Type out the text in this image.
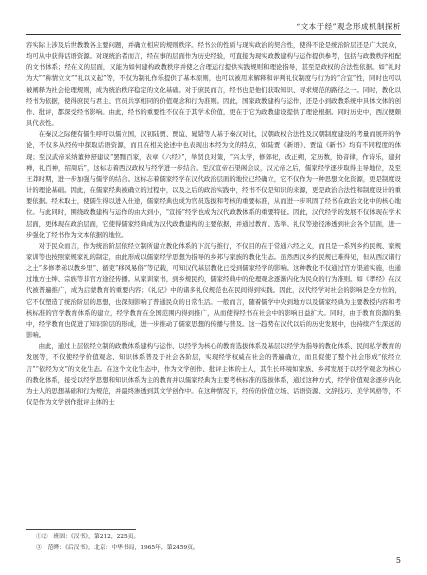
“文本于经”观念形成机制探析

容实际上涉及后世教教各主要问题，并确立相应的规则秩序。经书公的性质与现实政治的契合性，使得不论是统治阶层还是广大民众，均可从中获得话语资源。对现统治者而言，经在事的层面作为历史经验，可直接为现实政教建构与运作提供参考，包括与政教秩序相配的文书体系；经在义的层面，又能为如何建构政教秩序并使之合理运行提供实践规则和理论指导，甚至是政权的合法性依据。如“礼时为大”“称情立文”“礼以义起”等，不仅为制礼作乐提供了基本原则，也可以被用来解释和评判礼仪制度与行为的“合宜”性，同时也可以被阐释为社会伦理规则，成为统治秩序稳定的文化基础。对于庶民而言，经书也是他们获取知识、寻求规范的路径之一。同时，教化以经书为依据，使得庶民与君主、官员共享相同的价值观念和行为准则。因此，国家政教建构与运作，还是小到政教系统中具体文体的创作、批评，都深受经书影响。由此，经书的重要性不仅在于其学术价值，更在于它为政教建设提供了理论根据。同时历史中，西汉便颇具代表性。

在秦汉之际便有儒生呼吁以儒立国，汉初陆贾、贾谊、晁错等人基于秦汉对比，汉朝政权合法性及汉朝制度建设的考量而展开的争论，不仅多从经传中探取话语资源，而且在相关论述中也表现出本经为文的特点，如陆贾《新语》、贾谊《新书》均有不同程度的体现；至汉武帝采纳董仲舒建议“罢黜百家，表章《六经》”，举贤良对策，“兴太学，修郊祀，改正朔，定历数，协音律，作诗乐，建封禅，礼百神，绍周后”，这标志着西汉政权与经学进一步结合。至汉宣帝石渠阁会议，汉元帝之后，儒家经学逐步取得主导地位，及至王莽时期，进一步加强与儒学的结合。这标志着儒家经学在汉代政治层面的地位已经确立，它不仅作为一种思想文化资源，更是制度设计的理论基础。因此，在儒家经典被确立的过程中，以及之后的政治实践中，经书不仅是知识的来源，更是政治合法性和制度设计的重要依据。经术取士，使儒生得以进入仕途，儒家经典也成为官员选拔和考核的重要标准，从而进一步巩固了经书在政治文化中的核心地位。与此同时，围绕政教建构与运作的由大到小，“宣扬”经学也成为汉代政教体系的重要特征。因此，汉代经学的发展不仅体现在学术层面，更体现在政治层面，它使得儒家经典成为汉代政教建构的主要依据，并通过教育、选举、礼仪等途径渗透到社会各个层面，进一步强化了经书作为文本依据的地位。

对于民众而言，作为统治阶层依经立制所建立教化体系的下沉与推行，不仅目的在于常通六经之义，而且是一系列乡约民规、家规家训等也按照家规家礼的制定，由此形成以儒家经学思想为指导的乡邦与家族的教化生态。虽然西汉乡约民规已难得见，但从西汉诸行之土“多修孝弟以教乡里”、循吏“移风易俗”等记载，可知汉代基层教化已受到儒家经学的影响。这种教化不仅通过官方渠道实施，也通过地方士绅、宗族等非官方途径传播。从家训家书，到乡规民约，儒家经典中的伦理观念逐渐内化为民众的行为准则。如《孝经》在汉代被普遍推广，成为启蒙教育的重要内容；《礼记》中的诸多礼仪规范也在民间得到实践。因此，汉代经学对社会的影响是全方位的，它不仅塑造了统治阶层的思想，也深刻影响了普通民众的日常生活。一般而言，随着儒学中央到地方以及儒家经典为主要教授内容和考核标准的官学教育体系的建立，经学教育在全国范围内得到推广，从而使得经书在社会中的影响日益扩大。同时，由于教育资源的集中，经学教育也促进了知识阶层的形成，进一步推动了儒家思想的传播与普及。这一趋势在汉代以后的历史发展中，也持续产生深远的影响。

由此，通过上层依经立制的政教体系建构与运作、以经学为核心的教育选拔体系及基层以经学为指导的教化体系、民间私学教育的发展等，不仅使经学价值观念、知识体系普及于社会各阶层，实现经学权威在社会的普遍确立，而且促使了整个社会形成“依经立言”“依经为文”的文化生态。在这个文化生态中，作为文学创作、批评主体的士人，其生长环境如家族、乡邦发展于以经学观念为核心的教化体系，接受以经学思想和知识体系为主的教育并以儒家经典为主要考核标准的选拔体系，通过这种方式，经学价值观念逐步内化为士人的思想基础和行为规范，并最终渗透到其文学创作中。在这种情况下，经传的价值立场、话语资源、文辞技巧、美学风格等，不仅是作为文学创作批评主体的士

①②　班固：《汉书》，第212，225页。

③　范晔：《后汉书》，北京：中华书局，1965年，第2459页。

5
